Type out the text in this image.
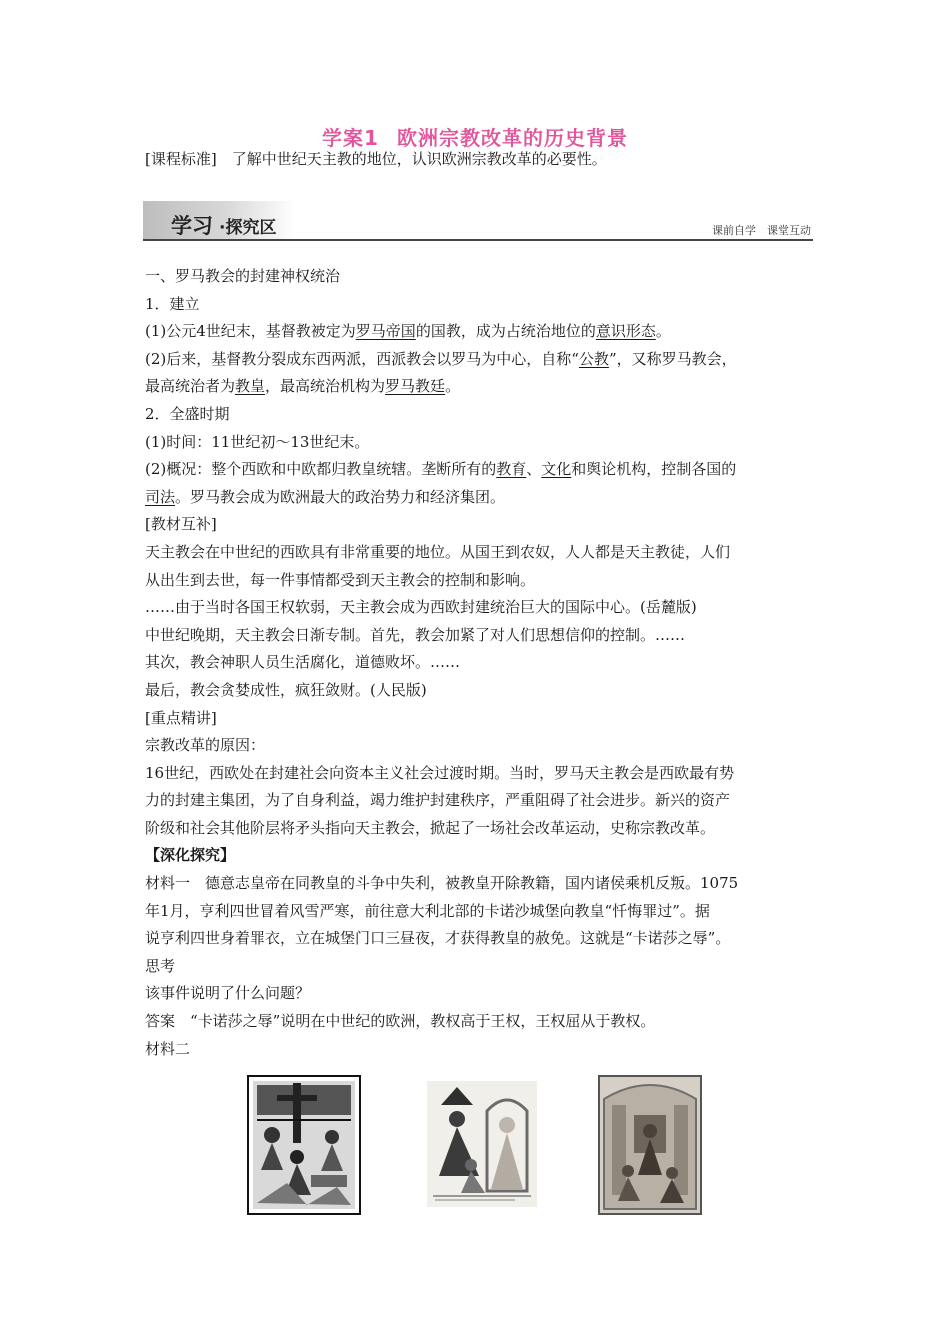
学案1 欧洲宗教改革的历史背景
[课程标准]　了解中世纪天主教的地位，认识欧洲宗教改革的必要性。
学习 ·探究区	课前自学　课堂互动

一、罗马教会的封建神权统治

1．建立

(1)公元4世纪末，基督教被定为罗马帝国的国教，成为占统治地位的意识形态。

(2)后来，基督教分裂成东西两派，西派教会以罗马为中心，自称“公教”，又称罗马教会，

最高统治者为教皇，最高统治机构为罗马教廷。

2．全盛时期

(1)时间：11世纪初～13世纪末。

(2)概况：整个西欧和中欧都归教皇统辖。垄断所有的教育、文化和舆论机构，控制各国的

司法。罗马教会成为欧洲最大的政治势力和经济集团。

[教材互补]

天主教会在中世纪的西欧具有非常重要的地位。从国王到农奴，人人都是天主教徒，人们

从出生到去世，每一件事情都受到天主教会的控制和影响。

……由于当时各国王权软弱，天主教会成为西欧封建统治巨大的国际中心。(岳麓版)

中世纪晚期，天主教会日渐专制。首先，教会加紧了对人们思想信仰的控制。……

其次，教会神职人员生活腐化，道德败坏。……

最后，教会贪婪成性，疯狂敛财。(人民版)

[重点精讲]

宗教改革的原因：

16世纪，西欧处在封建社会向资本主义社会过渡时期。当时，罗马天主教会是西欧最有势

力的封建主集团，为了自身利益，竭力维护封建秩序，严重阻碍了社会进步。新兴的资产

阶级和社会其他阶层将矛头指向天主教会，掀起了一场社会改革运动，史称宗教改革。

【深化探究】

材料一　德意志皇帝在同教皇的斗争中失利，被教皇开除教籍，国内诸侯乘机反叛。1075

年1月，亨利四世冒着风雪严寒，前往意大利北部的卡诺沙城堡向教皇“忏悔罪过”。据

说亨利四世身着罪衣，立在城堡门口三昼夜，才获得教皇的赦免。这就是“卡诺莎之辱”。

思考

该事件说明了什么问题？

答案　“卡诺莎之辱”说明在中世纪的欧洲，教权高于王权，王权屈从于教权。

材料二
